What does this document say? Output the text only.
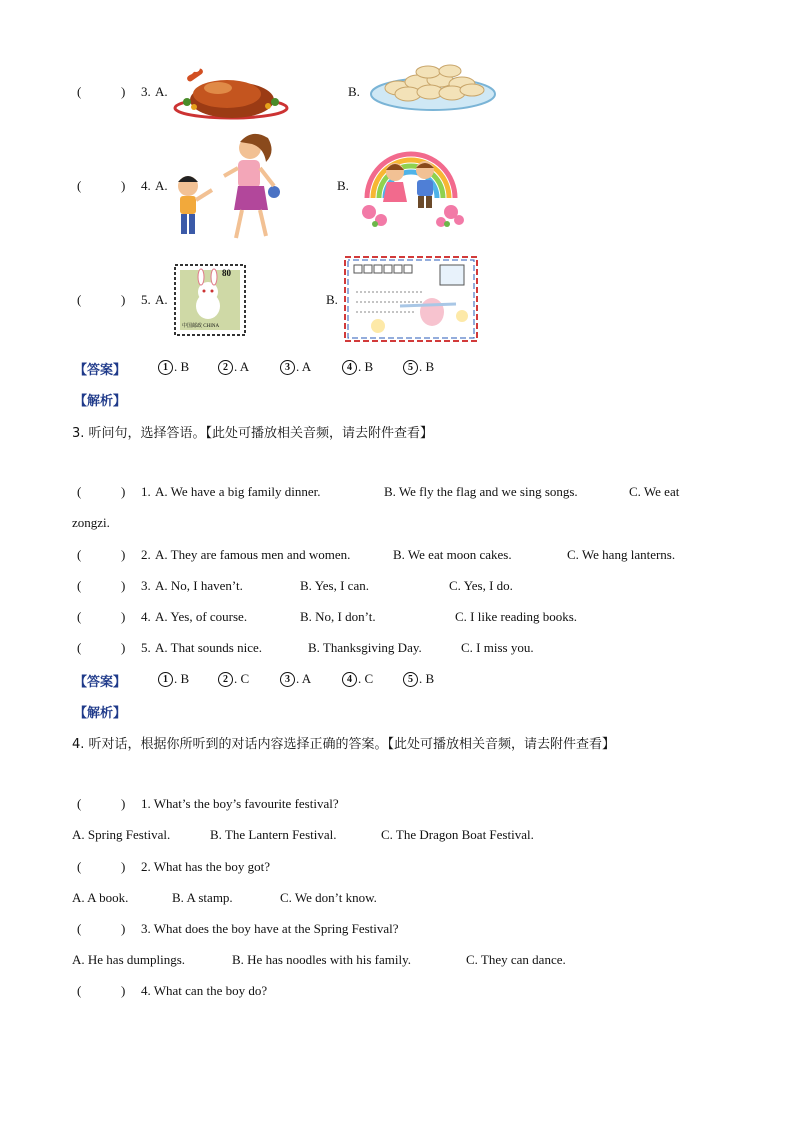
(	) 3. A.	B.
(	) 4. A.	B.
(	) 5. A.
80
中国邮政 CHINA
B.
【答案】	1 . B	2 . A	3 . A	4 . B	5 . B
【解析】
3. 听问句，选择答语。【此处可播放相关音频，请去附件查看】
(	) 1. A. We have a big family dinner.	B. We fly the flag and we sing songs.	C. We eat
zongzi.
(	) 2. A. They are famous men and women.	B. We eat moon cakes.	C. We hang lanterns.
(	) 3. A. No, I haven’t.	B. Yes, I can.	C. Yes, I do.
(	) 4. A. Yes, of course.	B. No, I don’t.	C. I like reading books.
(	) 5. A. That sounds nice.	B. Thanksgiving Day.	C. I miss you.
【答案】	1 . B	2 . C	3 . A	4 . C	5 . B
【解析】
4. 听对话，根据你所听到的对话内容选择正确的答案。【此处可播放相关音频，请去附件查看】
(	) 1. What’s the boy’s favourite festival?
A. Spring Festival.	B. The Lantern Festival.	C. The Dragon Boat Festival.
(	) 2. What has the boy got?
A. A book.	B. A stamp.	C. We don’t know.
(	) 3. What does the boy have at the Spring Festival?
A. He has dumplings.	B. He has noodles with his family.	C. They can dance.
(	) 4. What can the boy do?
